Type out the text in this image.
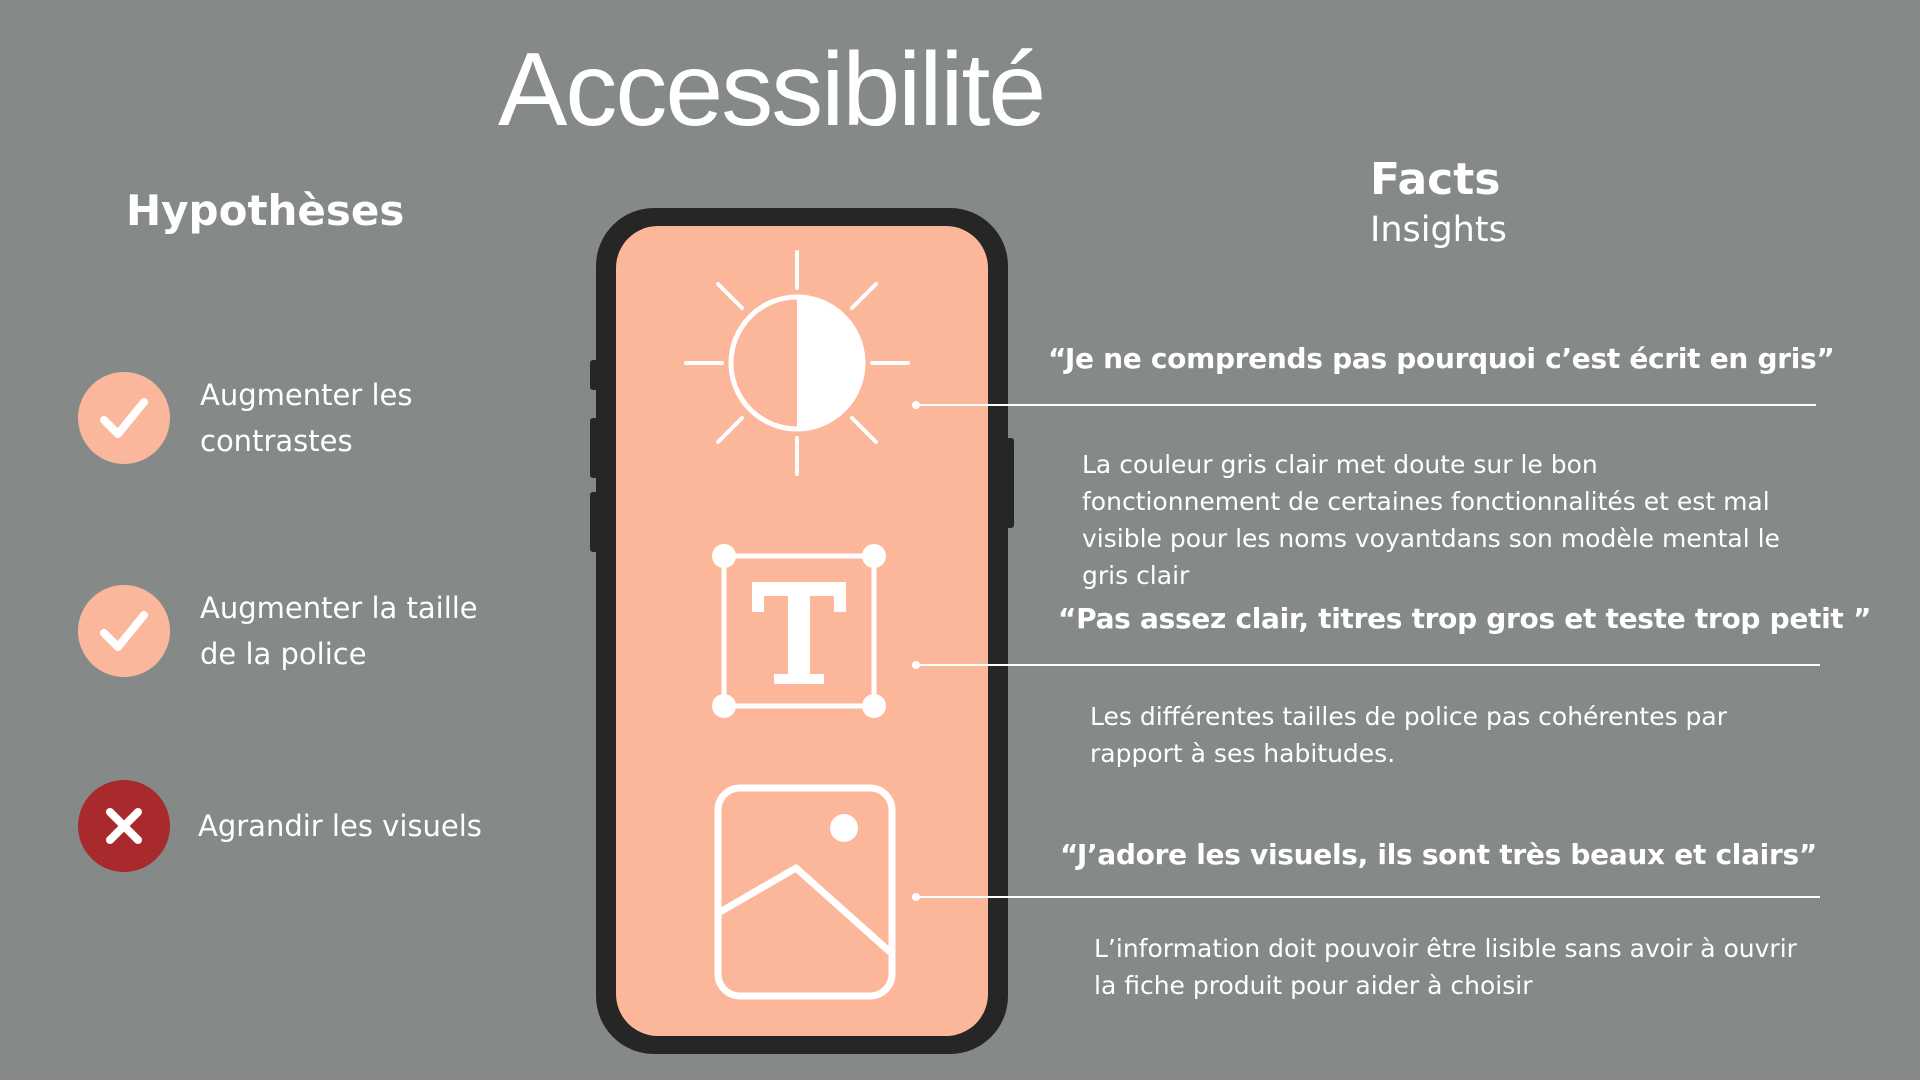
Accessibilité
Hypothèses
Augmenter les
contrastes
Augmenter la taille
de la police
Agrandir les visuels
Facts
Insights

“Je ne comprends pas pourquoi c’est écrit en gris”

La couleur gris clair met doute sur le bon
fonctionnement de certaines fonctionnalités et est mal
visible pour les noms voyantdans son modèle mental le
gris clair

“Pas assez clair, titres trop gros et teste trop petit ”

Les différentes tailles de police pas cohérentes par
rapport à ses habitudes.

“J’adore les visuels, ils sont très beaux et clairs”

L’information doit pouvoir être lisible sans avoir à ouvrir
la fiche produit pour aider à choisir
